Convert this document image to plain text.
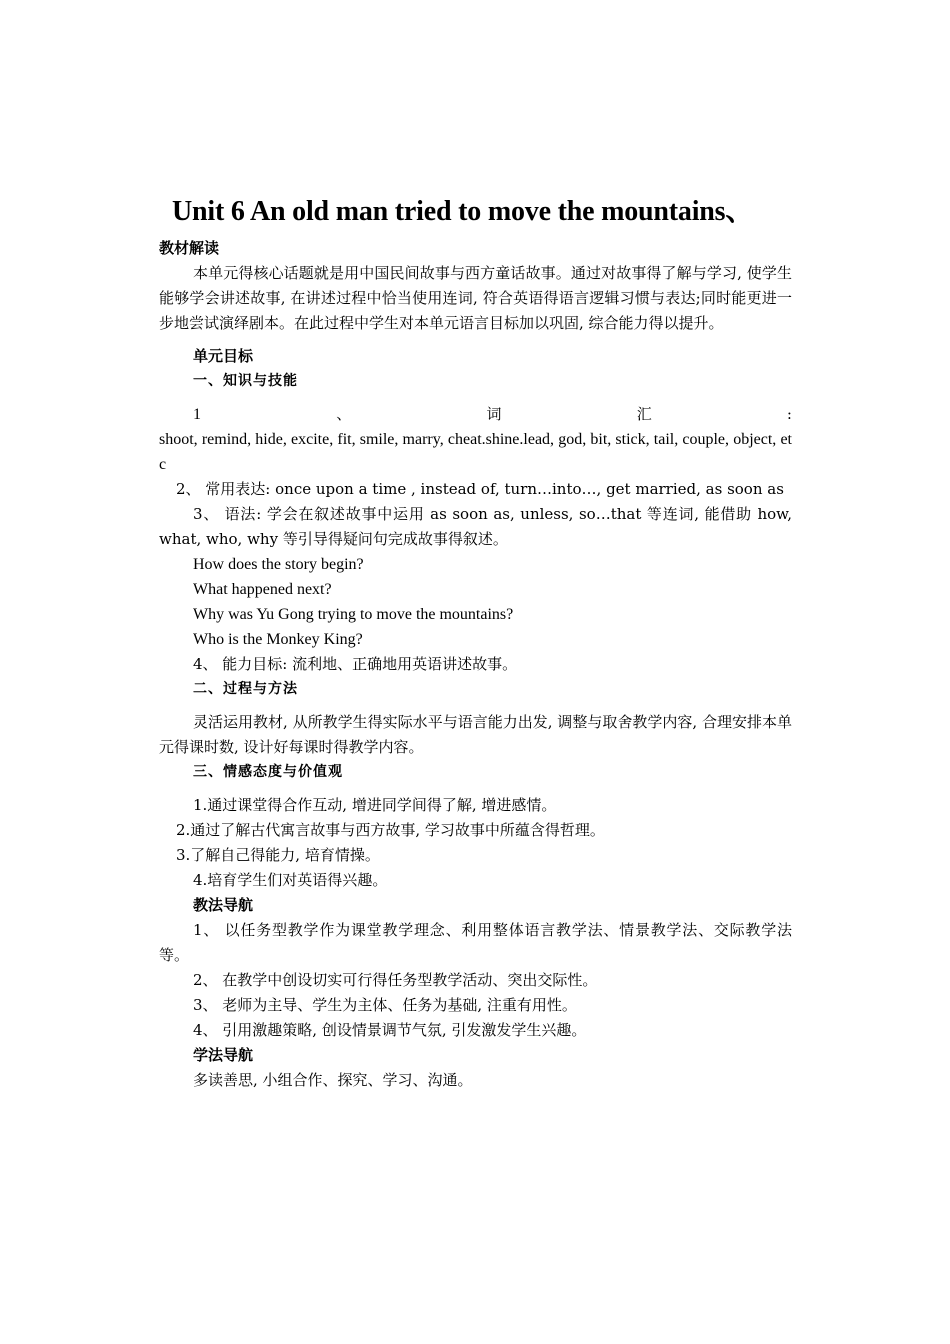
Unit 6 An old man tried to move the mountains、
教材解读

本单元得核心话题就是用中国民间故事与西方童话故事。通过对故事得了解与学习, 使学生能够学会讲述故事, 在讲述过程中恰当使用连词, 符合英语得语言逻辑习惯与表达;同时能更进一步地尝试演绎剧本。在此过程中学生对本单元语言目标加以巩固, 综合能力得以提升。

单元目标
一、知识与技能
1	、	词	汇	:

shoot, remind, hide, excite, fit, smile, marry, cheat.shine.lead, god, bit, stick, tail, couple, object, etc

2、 常用表达: once upon a time , instead of, turn…into…, get married, as soon as

3、 语法: 学会在叙述故事中运用 as soon as, unless, so…that 等连词, 能借助 how, what, who, why 等引导得疑问句完成故事得叙述。

How does the story begin?

What happened next?

Why was Yu Gong trying to move the mountains?

Who is the Monkey King?

4、 能力目标: 流利地、正确地用英语讲述故事。

二、过程与方法

灵活运用教材, 从所教学生得实际水平与语言能力出发, 调整与取舍教学内容, 合理安排本单元得课时数, 设计好每课时得教学内容。

三、情感态度与价值观

1.通过课堂得合作互动, 增进同学间得了解, 增进感情。

2.通过了解古代寓言故事与西方故事, 学习故事中所蕴含得哲理。

3.了解自己得能力, 培育情操。

4.培育学生们对英语得兴趣。

教法导航

1、 以任务型教学作为课堂教学理念、利用整体语言教学法、情景教学法、交际教学法等。

2、 在教学中创设切实可行得任务型教学活动、突出交际性。

3、 老师为主导、学生为主体、任务为基础, 注重有用性。

4、 引用激趣策略, 创设情景调节气氛, 引发激发学生兴趣。

学法导航

多读善思, 小组合作、探究、学习、沟通。
